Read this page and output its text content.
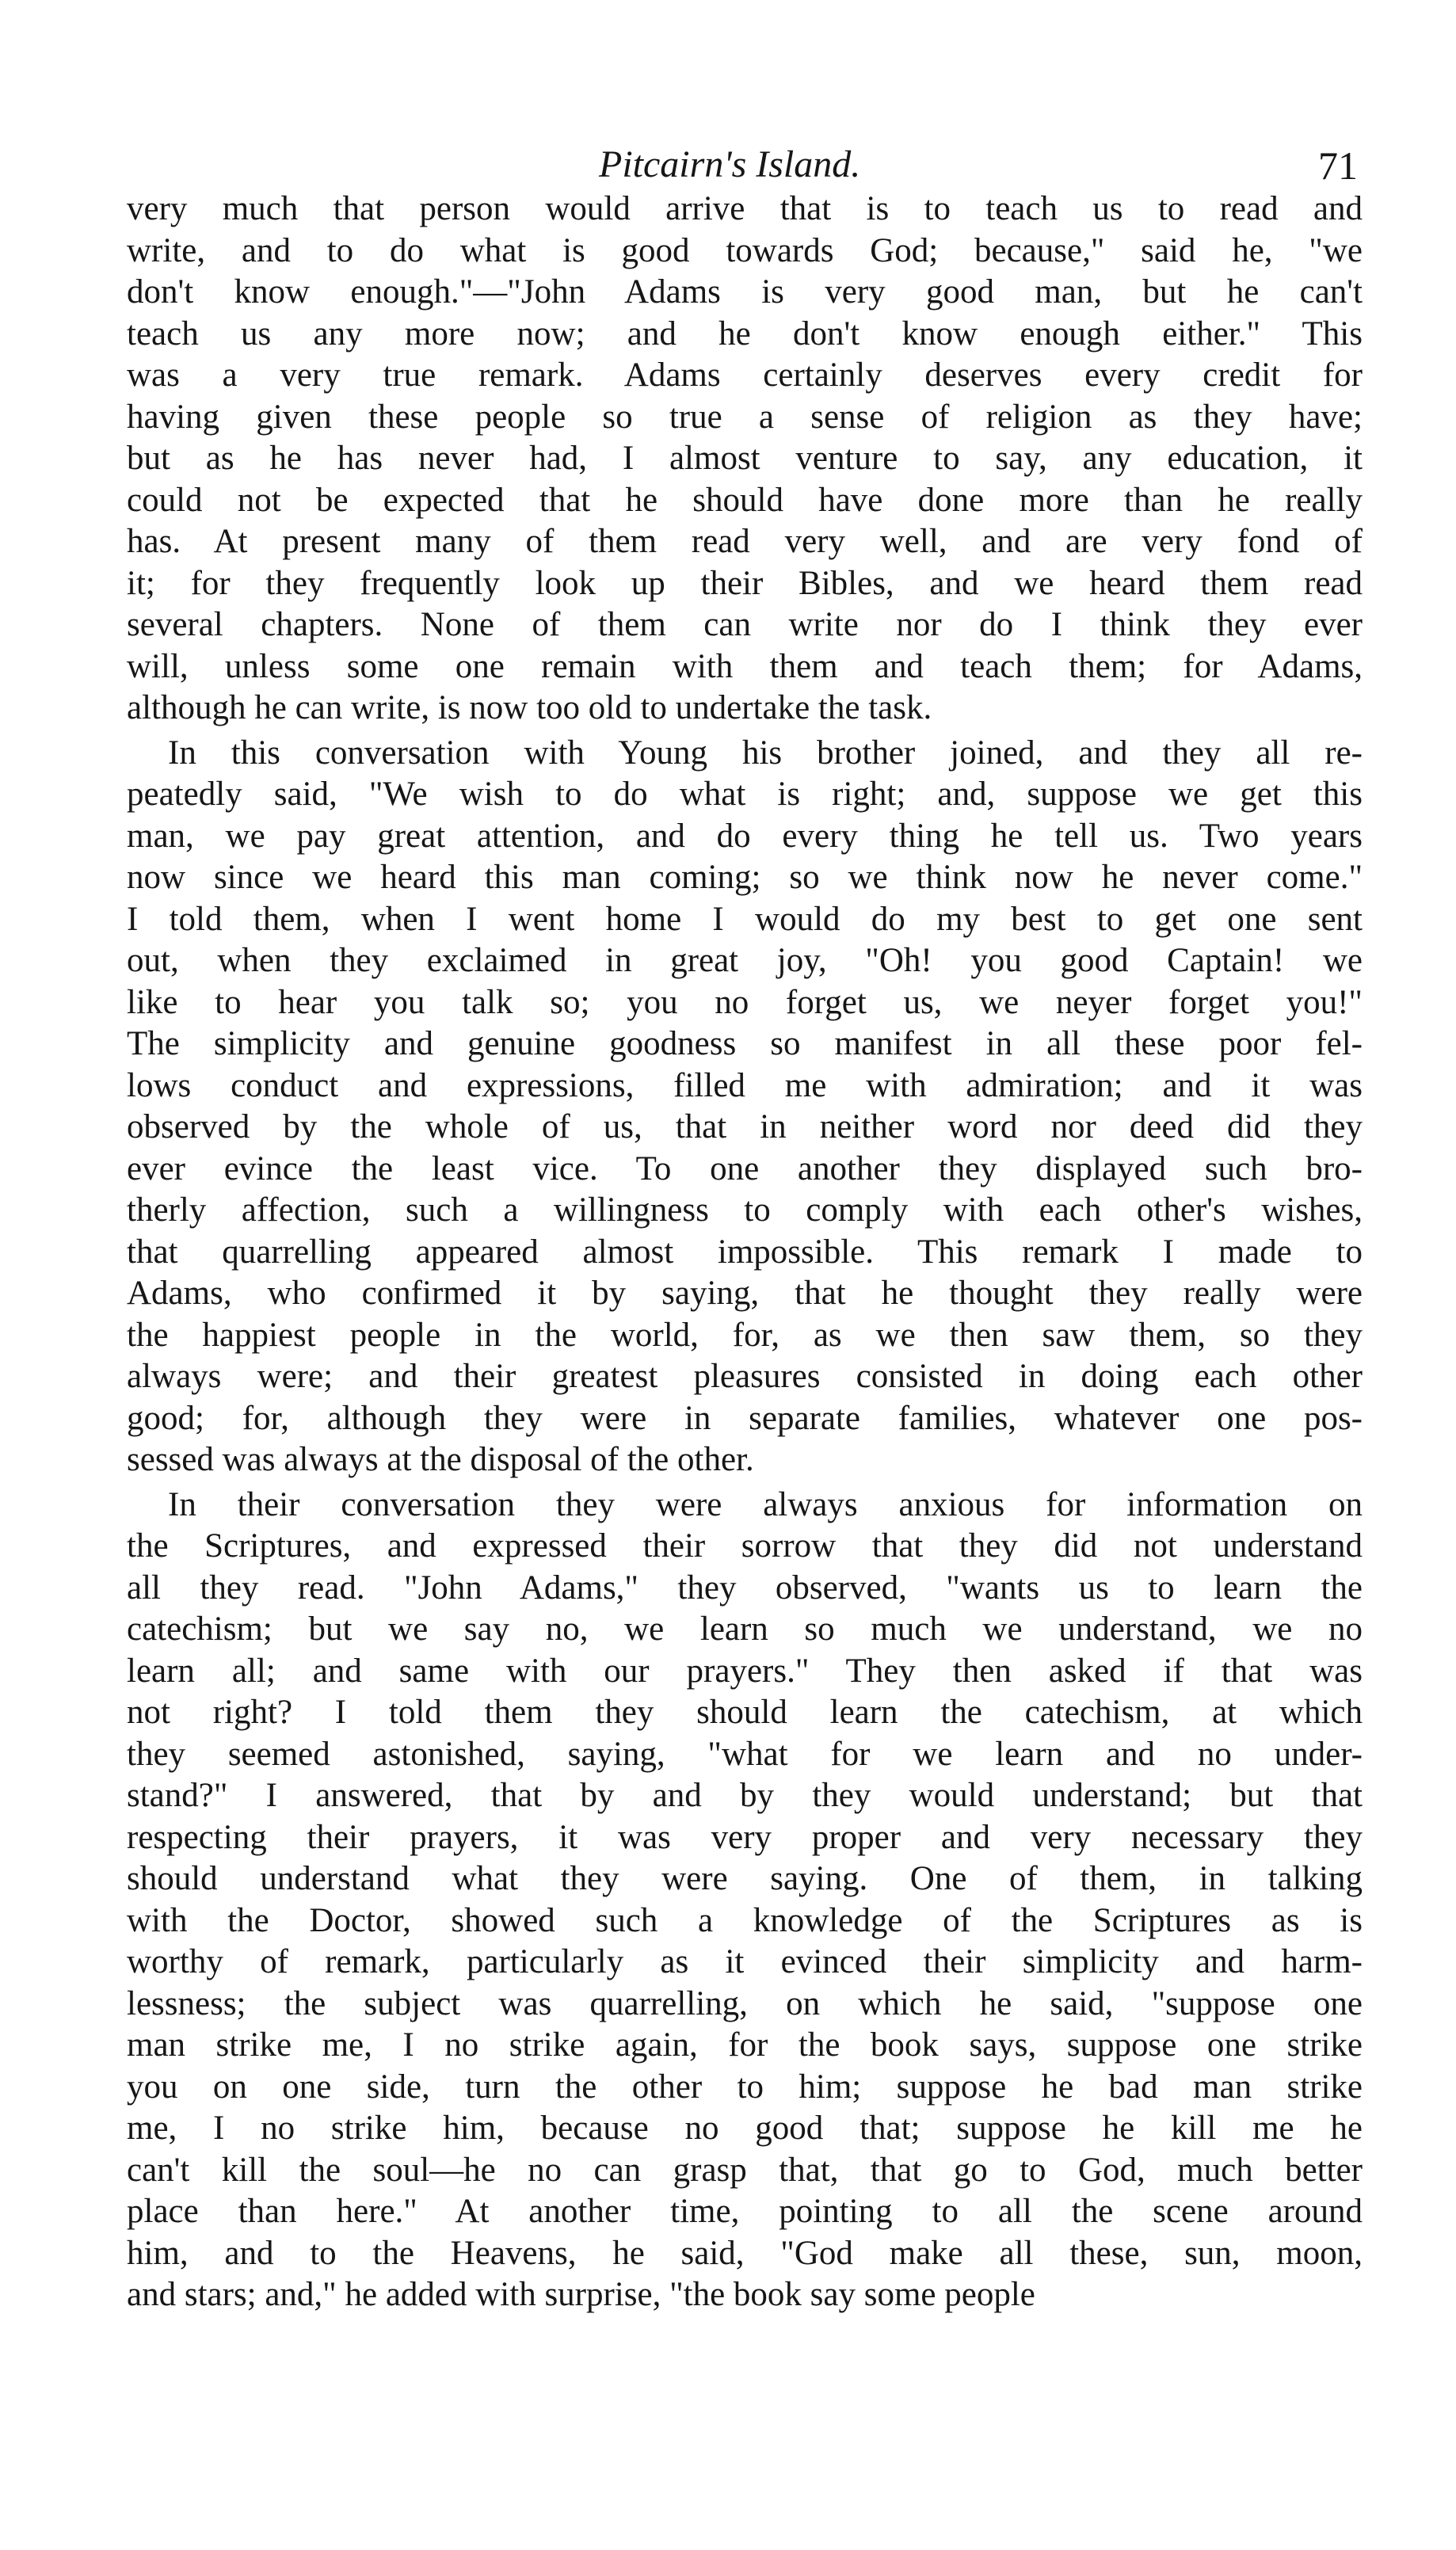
Pitcairn's Island.	71
very much that person would arrive that is to teach us to read and
write, and to do what is good towards God; because," said he, "we
don't know enough."—"John Adams is very good man, but he can't
teach us any more now; and he don't know enough either." This
was a very true remark. Adams certainly deserves every credit for
having given these people so true a sense of religion as they have;
but as he has never had, I almost venture to say, any education, it
could not be expected that he should have done more than he really
has. At present many of them read very well, and are very fond of
it; for they frequently look up their Bibles, and we heard them read
several chapters. None of them can write nor do I think they ever
will, unless some one remain with them and teach them; for Adams,
although he can write, is now too old to undertake the task.
In this conversation with Young his brother joined, and they all re-
peatedly said, "We wish to do what is right; and, suppose we get this
man, we pay great attention, and do every thing he tell us. Two years
now since we heard this man coming; so we think now he never come."
I told them, when I went home I would do my best to get one sent
out, when they exclaimed in great joy, "Oh! you good Captain! we
like to hear you talk so; you no forget us, we neyer forget you!"
The simplicity and genuine goodness so manifest in all these poor fel-
lows conduct and expressions, filled me with admiration; and it was
observed by the whole of us, that in neither word nor deed did they
ever evince the least vice. To one another they displayed such bro-
therly affection, such a willingness to comply with each other's wishes,
that quarrelling appeared almost impossible. This remark I made to
Adams, who confirmed it by saying, that he thought they really were
the happiest people in the world, for, as we then saw them, so they
always were; and their greatest pleasures consisted in doing each other
good; for, although they were in separate families, whatever one pos-
sessed was always at the disposal of the other.
In their conversation they were always anxious for information on
the Scriptures, and expressed their sorrow that they did not understand
all they read. "John Adams," they observed, "wants us to learn the
catechism; but we say no, we learn so much we understand, we no
learn all; and same with our prayers." They then asked if that was
not right? I told them they should learn the catechism, at which
they seemed astonished, saying, "what for we learn and no under-
stand?" I answered, that by and by they would understand; but that
respecting their prayers, it was very proper and very necessary they
should understand what they were saying. One of them, in talking
with the Doctor, showed such a knowledge of the Scriptures as is
worthy of remark, particularly as it evinced their simplicity and harm-
lessness; the subject was quarrelling, on which he said, "suppose one
man strike me, I no strike again, for the book says, suppose one strike
you on one side, turn the other to him; suppose he bad man strike
me, I no strike him, because no good that; suppose he kill me he
can't kill the soul—he no can grasp that, that go to God, much better
place than here." At another time, pointing to all the scene around
him, and to the Heavens, he said, "God make all these, sun, moon,
and stars; and," he added with surprise, "the book say some people
